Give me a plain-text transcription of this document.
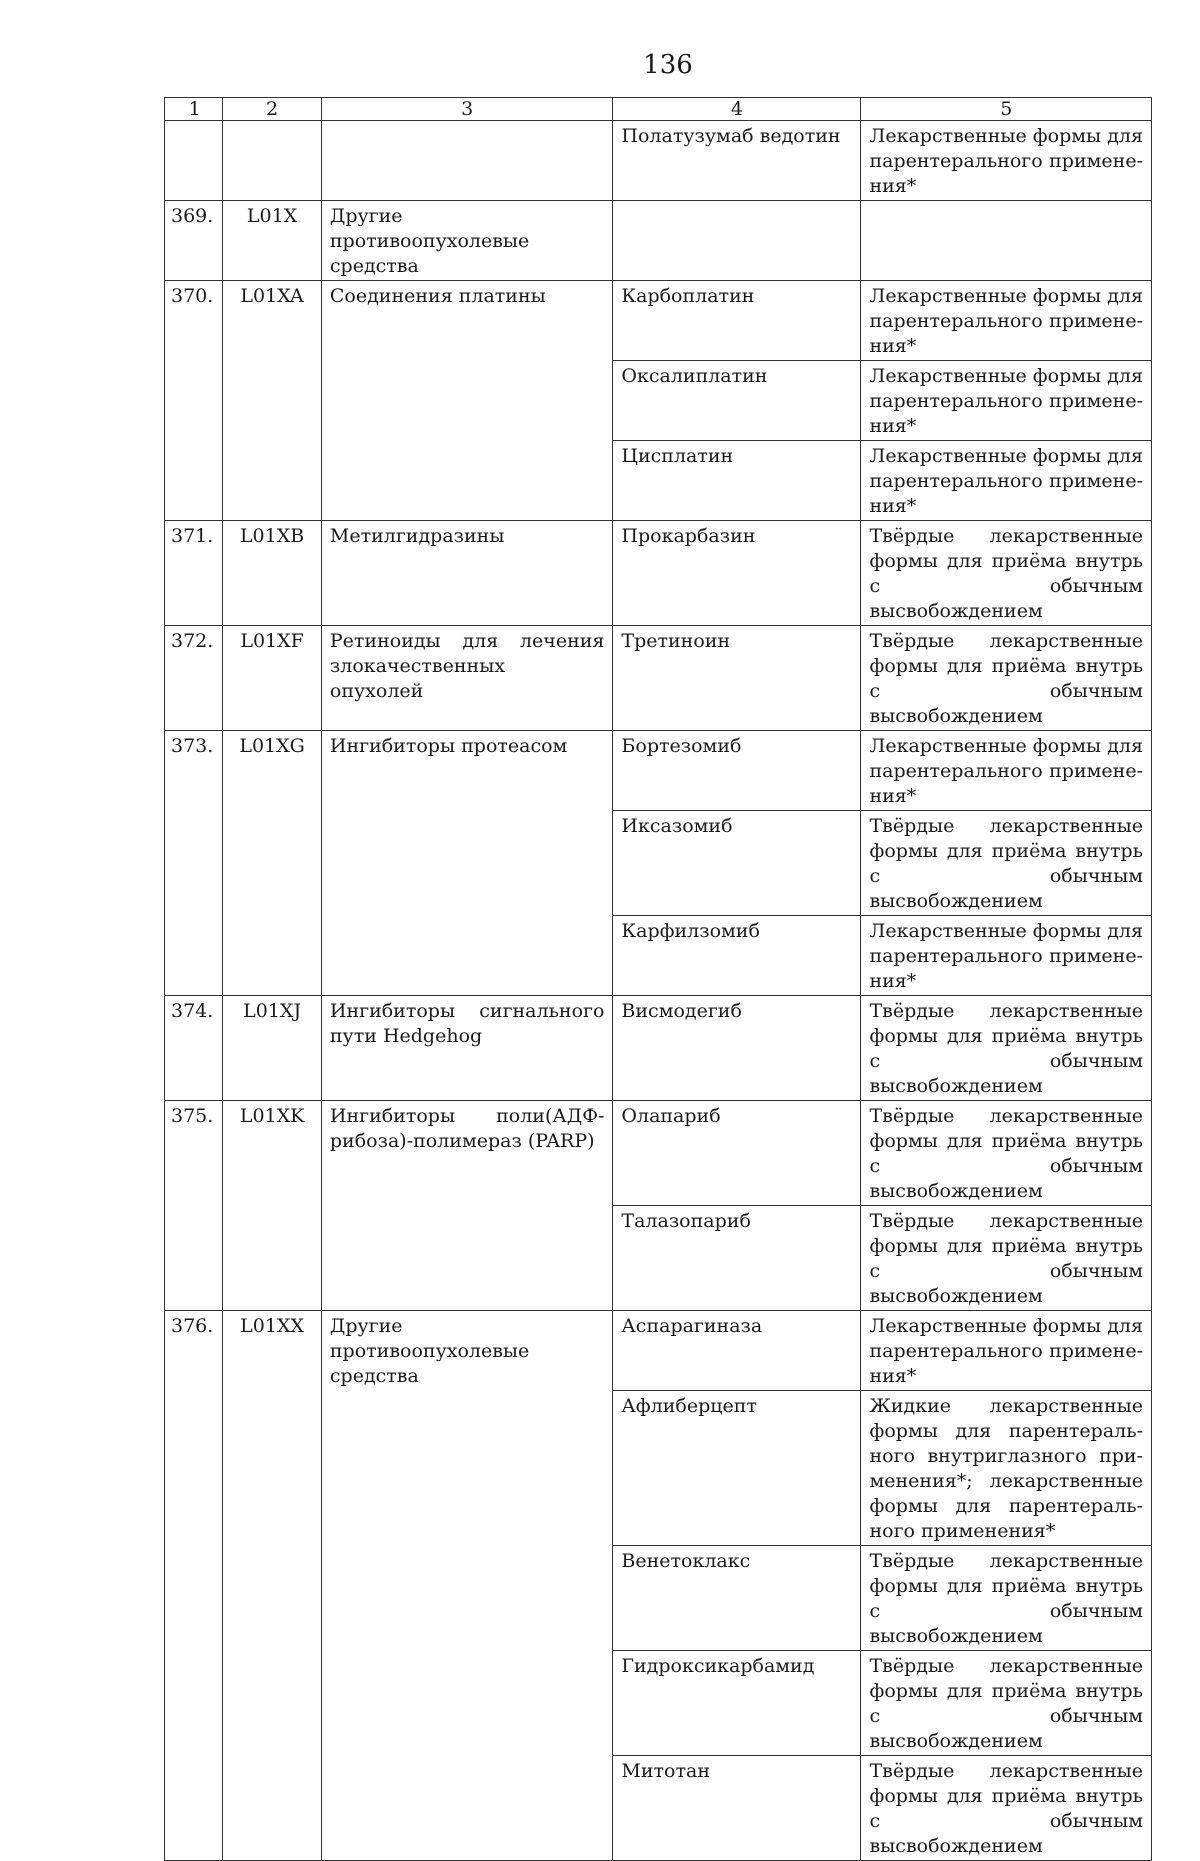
136
1	2	3	4	5
			Полатузумаб ведотин	Лекарственные формы для парентерального примене- ния*
369.	L01X	Другие противоопухолевые средства		
370.	L01XA	Соединения платины	Карбоплатин	Лекарственные формы для парентерального примене- ния*
			Оксалиплатин	Лекарственные формы для парентерального примене- ния*
			Цисплатин	Лекарственные формы для парентерального примене- ния*
371.	L01XB	Метилгидразины	Прокарбазин	Твёрдые лекарственные формы для приёма внутрь с обычным высвобождением
372.	L01XF	Ретиноиды для лечения злокачественных опухолей	Третиноин	Твёрдые лекарственные формы для приёма внутрь с обычным высвобождением
373.	L01XG	Ингибиторы протеасом	Бортезомиб	Лекарственные формы для парентерального примене- ния*
			Иксазомиб	Твёрдые лекарственные формы для приёма внутрь с обычным высвобождением
			Карфилзомиб	Лекарственные формы для парентерального примене- ния*
374.	L01XJ	Ингибиторы сигнального пути Hedgehog	Висмодегиб	Твёрдые лекарственные формы для приёма внутрь с обычным высвобождением
375.	L01XK	Ингибиторы поли(АДФ-рибоза)-полимераз (PARP)	Олапариб	Твёрдые лекарственные формы для приёма внутрь с обычным высвобождением
			Талазопариб	Твёрдые лекарственные формы для приёма внутрь с обычным высвобождением
376.	L01XX	Другие противоопухолевые средства	Аспарагиназа	Лекарственные формы для парентерального примене- ния*
			Афлиберцепт	Жидкие лекарственные формы для парентераль- ного внутриглазного при- менения*; лекарственные формы для парентераль- ного применения*
			Венетоклакс	Твёрдые лекарственные формы для приёма внутрь с обычным высвобождением
			Гидроксикарбамид	Твёрдые лекарственные формы для приёма внутрь с обычным высвобождением
			Митотан	Твёрдые лекарственные формы для приёма внутрь с обычным высвобождением
